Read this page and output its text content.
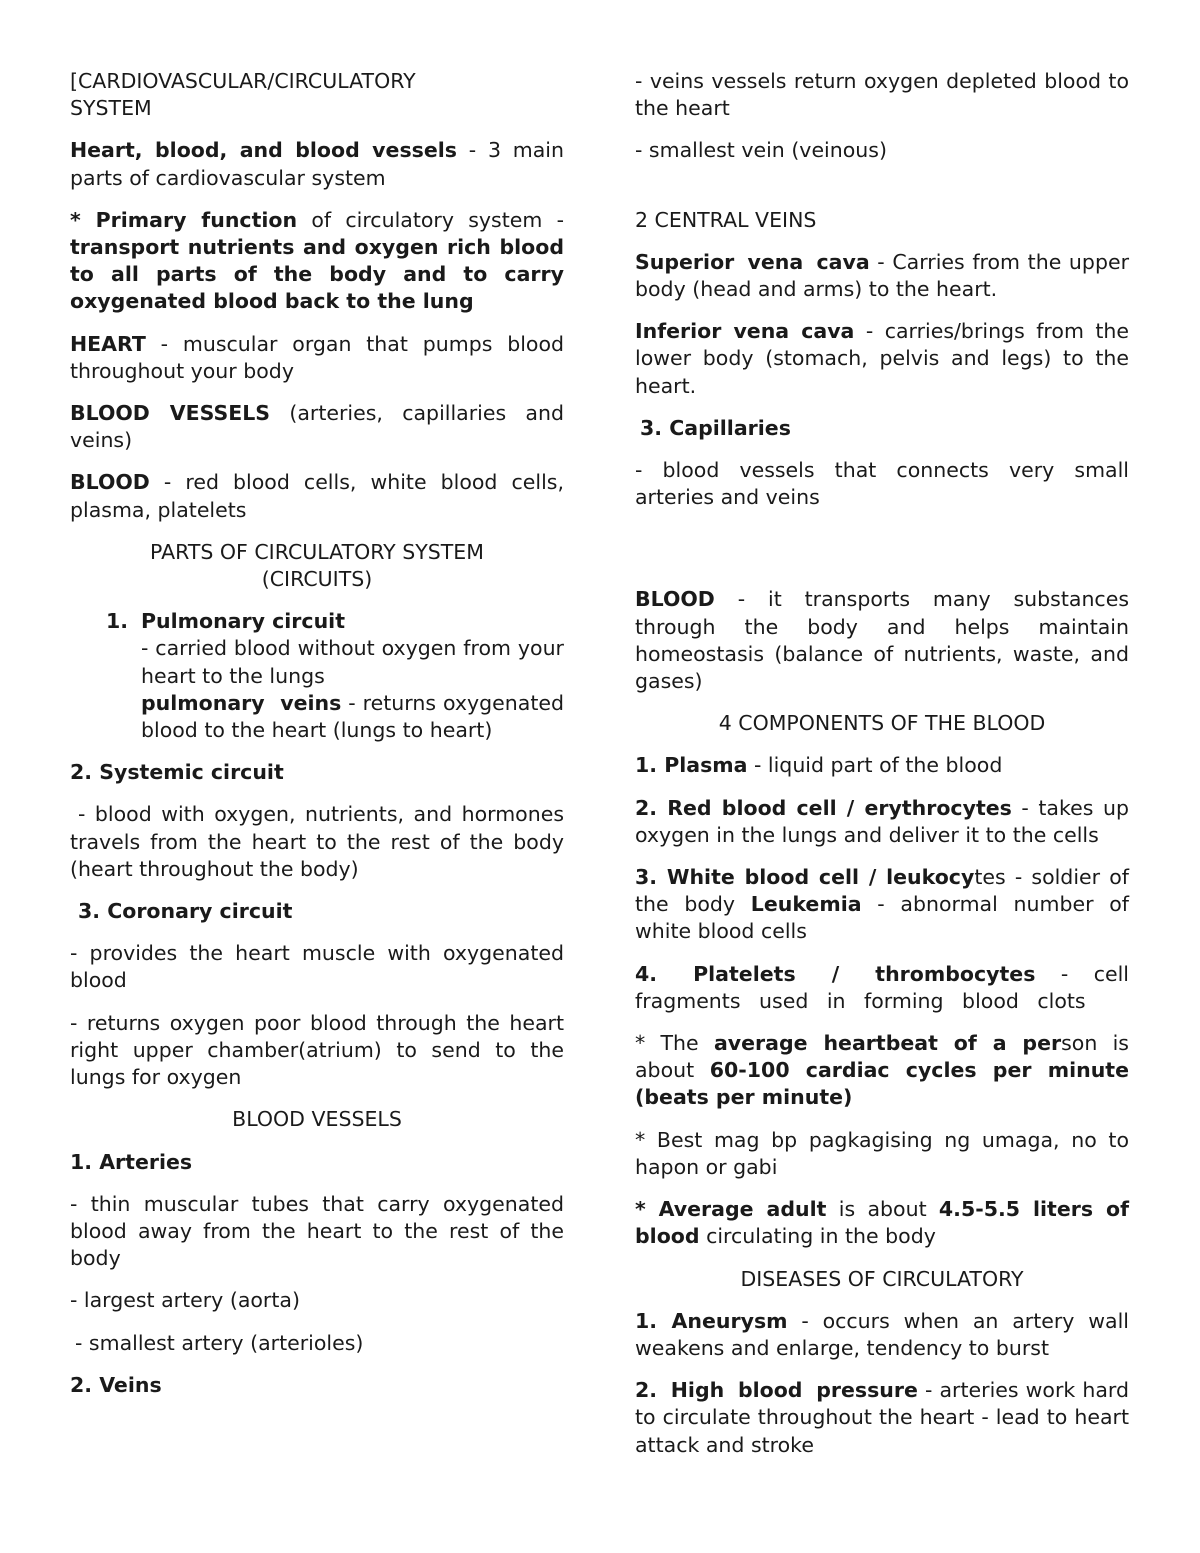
[CARDIOVASCULAR/CIRCULATORY SYSTEM

Heart, blood, and blood vessels - 3 main parts of cardiovascular system

* Primary function of circulatory system - transport nutrients and oxygen rich blood to all parts of the body and to carry oxygenated blood back to the lung

HEART - muscular organ that pumps blood throughout your body

BLOOD VESSELS (arteries, capillaries and veins)

BLOOD - red blood cells, white blood cells, plasma, platelets

PARTS OF CIRCULATORY SYSTEM (CIRCUITS)

1. Pulmonary circuit
- carried blood without oxygen from your heart to the lungs
pulmonary veins - returns oxygenated blood to the heart (lungs to heart)

2. Systemic circuit

- blood with oxygen, nutrients, and hormones travels from the heart to the rest of the body (heart throughout the body)

3. Coronary circuit

- provides the heart muscle with oxygenated blood

- returns oxygen poor blood through the heart right upper chamber(atrium) to send to the lungs for oxygen

BLOOD VESSELS

1. Arteries

- thin muscular tubes that carry oxygenated blood away from the heart to the rest of the body

- largest artery (aorta)

- smallest artery (arterioles)

2. Veins

- veins vessels return oxygen depleted blood to the heart

- smallest vein (veinous)

2 CENTRAL VEINS

Superior vena cava - Carries from the upper body (head and arms) to the heart.

Inferior vena cava - carries/brings from the lower body (stomach, pelvis and legs) to the heart.

3. Capillaries

- blood vessels that connects very small arteries and veins

BLOOD - it transports many substances through the body and helps maintain homeostasis (balance of nutrients, waste, and gases)

4 COMPONENTS OF THE BLOOD

1. Plasma - liquid part of the blood

2. Red blood cell / erythrocytes - takes up oxygen in the lungs and deliver it to the cells

3. White blood cell / leukocytes - soldier of the body Leukemia - abnormal number of white blood cells

4. Platelets / thrombocytes - cell fragments used in forming blood clots

* The average heartbeat of a person is about 60-100 cardiac cycles per minute (beats per minute)

* Best mag bp pagkagising ng umaga, no to hapon or gabi

* Average adult is about 4.5-5.5 liters of blood circulating in the body

DISEASES OF CIRCULATORY

1. Aneurysm - occurs when an artery wall weakens and enlarge, tendency to burst

2. High blood pressure - arteries work hard to circulate throughout the heart - lead to heart attack and stroke
